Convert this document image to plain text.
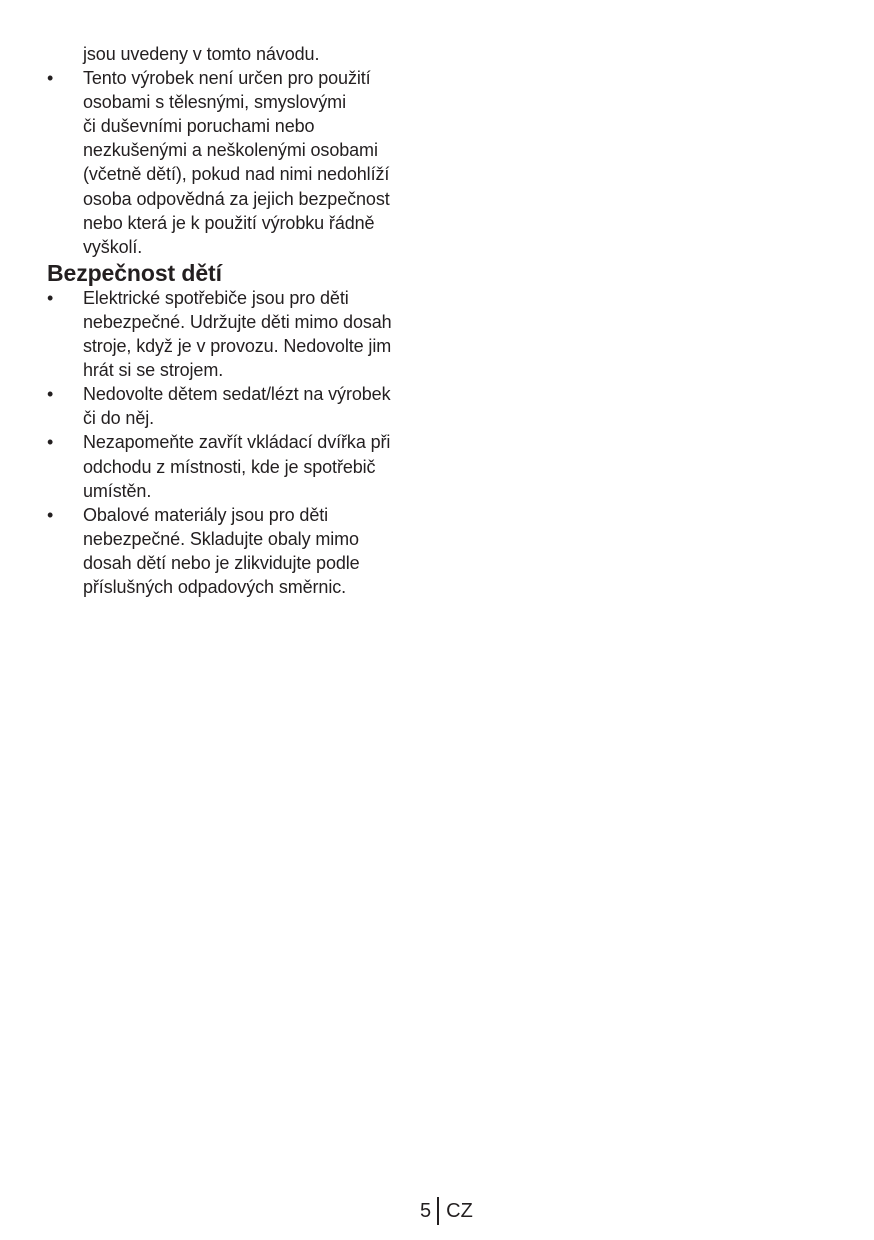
jsou uvedeny v tomto návodu.
• Tento výrobek není určen pro použití
osobami s tělesnými, smyslovými
či duševními poruchami nebo
nezkušenými a neškolenými osobami
(včetně dětí), pokud nad nimi nedohlíží
osoba odpovědná za jejich bezpečnost
nebo která je k použití výrobku řádně
vyškolí.
Bezpečnost dětí
• Elektrické spotřebiče jsou pro děti
nebezpečné. Udržujte děti mimo dosah
stroje, když je v provozu. Nedovolte jim
hrát si se strojem.
• Nedovolte dětem sedat/lézt na výrobek
či do něj.
• Nezapomeňte zavřít vkládací dvířka při
odchodu z místnosti, kde je spotřebič
umístěn.
• Obalové materiály jsou pro děti
nebezpečné. Skladujte obaly mimo
dosah dětí nebo je zlikvidujte podle
příslušných odpadových směrnic.
5 CZ
